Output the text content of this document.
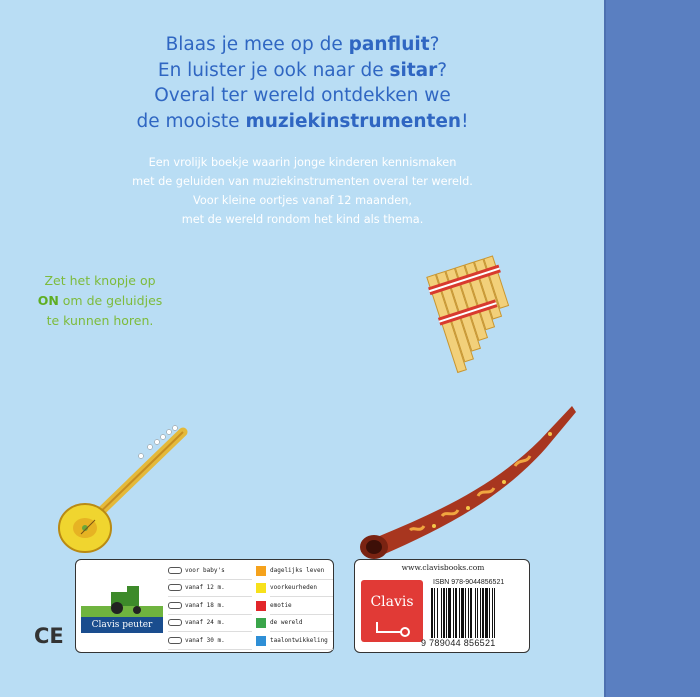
Blaas je mee op de panfluit?
En luister je ook naar de sitar?
Overal ter wereld ontdekken we
de mooiste muziekinstrumenten!
Een vrolijk boekje waarin jonge kinderen kennismaken
met de geluiden van muziekinstrumenten overal ter wereld.
Voor kleine oortjes vanaf 12 maanden,
met de wereld rondom het kind als thema.
Zet het knopje op
ON om de geluidjes
te kunnen horen.
Clavis peuter
voor baby's	dagelijks leven
vanaf 12 m.	voorkeurheden
vanaf 18 m.	emotie
vanaf 24 m.	de wereld
vanaf 30 m.	taalontwikkeling
www.clavisbooks.com
Clavis
ISBN 978-9044856521
9 789044 856521
CE
